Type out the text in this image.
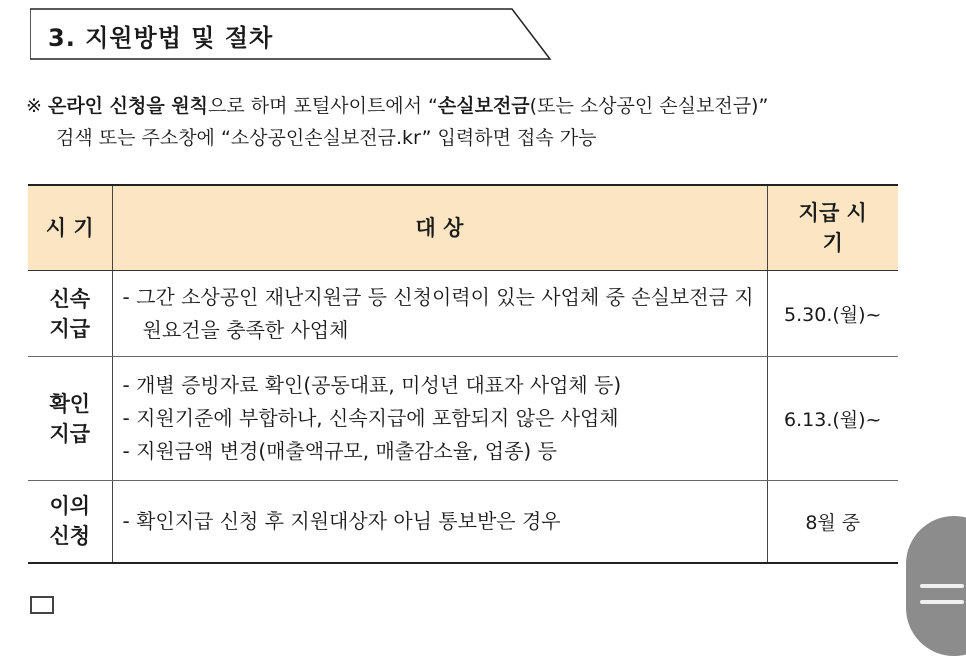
3. 지원방법 및 절차
※ 온라인 신청을 원칙으로 하며 포털사이트에서 “손실보전금(또는 소상공인 손실보전금)”
검색 또는 주소창에 “소상공인손실보전금.kr” 입력하면 접속 가능
시 기	대 상	지급 시기
신속 지급	- 그간 소상공인 재난지원금 등 신청이력이 있는 사업체 중 손실보전금 지원요건을 충족한 사업체	5.30.(월)~
확인 지급	- 개별 증빙자료 확인(공동대표, 미성년 대표자 사업체 등)
- 지원기준에 부합하나, 신속지급에 포함되지 않은 사업체
- 지원금액 변경(매출액규모, 매출감소율, 업종) 등	6.13.(월)~
이의 신청	- 확인지급 신청 후 지원대상자 아님 통보받은 경우	8월 중
